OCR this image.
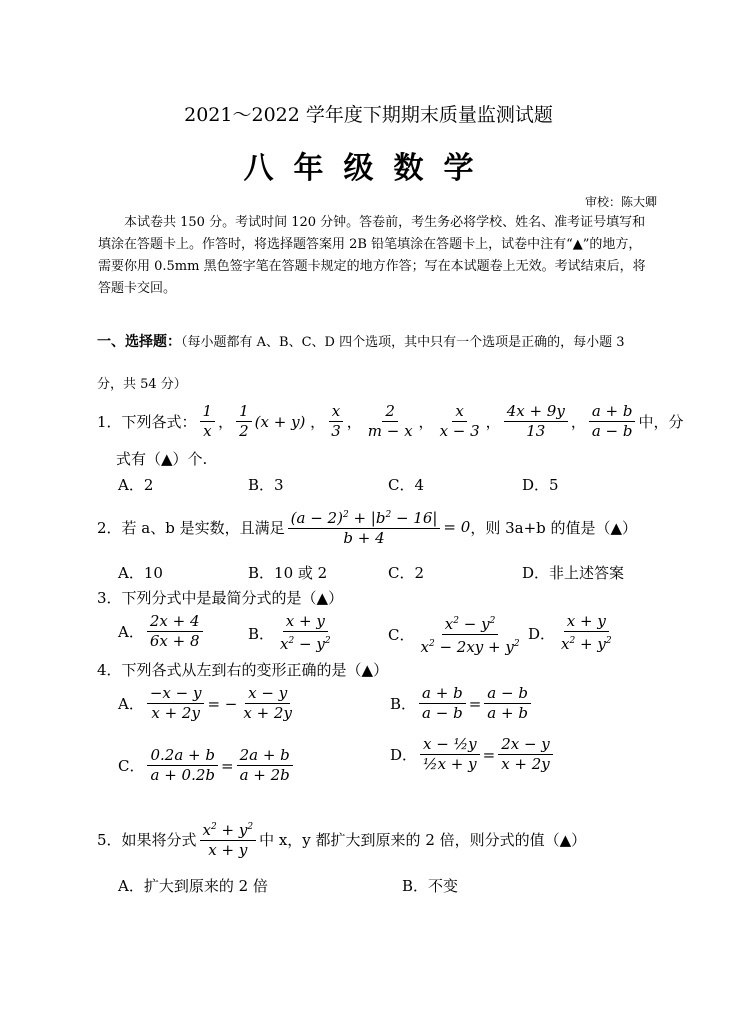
2021～2022 学年度下期期末质量监测试题
八年级数学
审校：陈大卿
本试卷共 150 分。考试时间 120 分钟。答卷前，考生务必将学校、姓名、准考证号填写和填涂在答题卡上。作答时，将选择题答案用 2B 铅笔填涂在答题卡上，试卷中注有“▲”的地方，需要你用 0.5mm 黑色签字笔在答题卡规定的地方作答；写在本试题卷上无效。考试结束后，将答题卡交回。
一、选择题：（每小题都有 A、B、C、D 四个选项，其中只有一个选项是正确的，每小题 3
分，共 54 分）
1．下列各式： $\frac{1}{x}$ ， $\frac{1}{2} (x + y)$ ， $\frac{x}{3}$ ， $\frac{2}{m - x}$ ， $\frac{x}{x - 3}$ ， $\frac{4x + 9y}{13}$ ， $\frac{a + b}{a - b}$ 中，分
式有（▲）个.
A．2	B．3	C．4	D．5
2．若 a、b 是实数，且满足 $\frac{(a - 2)^2 + |b^2 - 16|}{b + 4} = 0$ ，则 3a+b 的值是（▲）
A．10	B．10 或 2	C．2	D．非上述答案
3．下列分式中是最简分式的是（▲）
A． $\frac{2x + 4}{6x + 8}$	B． $\frac{x + y}{x^2 - y^2}$	C． $\frac{x^2 - y^2}{x^2 - 2xy + y^2}$ D． $\frac{x + y}{x^2 + y^2}$
4．下列各式从左到右的变形正确的是（▲）
A． $\frac{-x - y}{x + 2y}$ = − $\frac{x - y}{x + 2y}$	B． $\frac{a + b}{a - b} = \frac{a - b}{a + b}$
C． $\frac{0.2a + b}{a + 0.2b} = \frac{2a + b}{a + 2b}$	D． $\frac{\text{x − ½y}}{\text{½x + y}} = \frac{2x - y}{x + 2y}$
5．如果将分式 $\frac{x^2 + y^2}{x + y}$ 中 x，y 都扩大到原来的 2 倍，则分式的值（▲）
A．扩大到原来的 2 倍	B．不变
